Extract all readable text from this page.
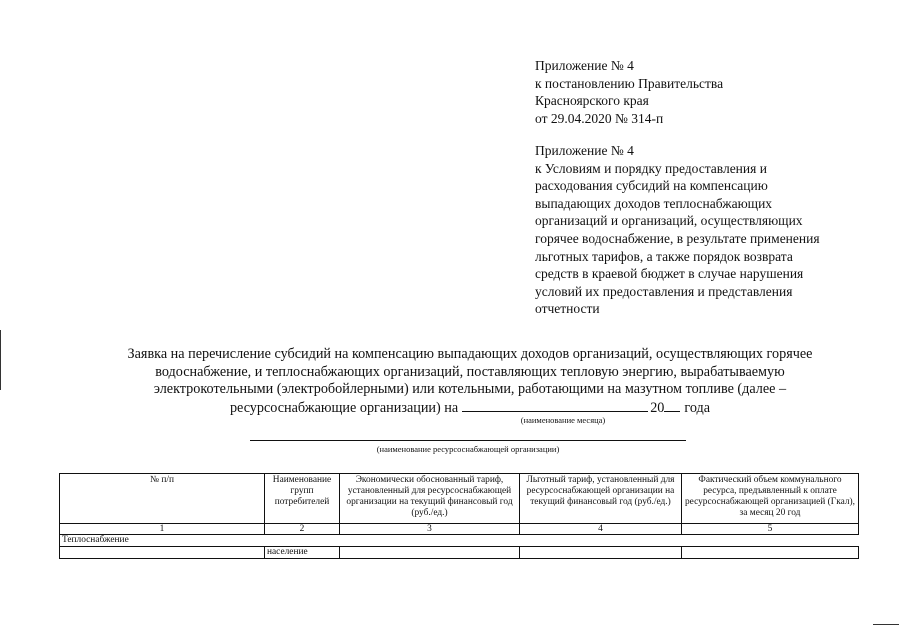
Приложение № 4
к постановлению Правительства
Красноярского края
от 29.04.2020 № 314-п
Приложение № 4
к Условиям и порядку предоставления и
расходования субсидий на компенсацию
выпадающих доходов теплоснабжающих
организаций и организаций, осуществляющих
горячее водоснабжение, в результате применения
льготных тарифов, а также порядок возврата
средств в краевой бюджет в случае нарушения
условий их предоставления и представления
отчетности
Заявка на перечисление субсидий на компенсацию выпадающих доходов организаций, осуществляющих горячее
водоснабжение, и теплоснабжающих организаций, поставляющих тепловую энергию, вырабатываемую
электрокотельными (электробойлерными) или котельными, работающими на мазутном топливе (далее –
ресурсоснабжающие организации) на	20 года
(наименование месяца)
(наименование ресурсоснабжающей организации)
№ п/п	Наименование групп потребителей	Экономически обоснованный тариф, установленный для ресурсоснабжающей организации на текущий финансовый год (руб./ед.)	Льготный тариф, установленный для ресурсоснабжающей организации на текущий финансовый год (руб./ед.)	Фактический объем коммунального ресурса, предъявленный к оплате ресурсоснабжающей организацией (Гкал), за месяц 20 год
1	2	3	4	5
Теплоснабжение				
	население			
